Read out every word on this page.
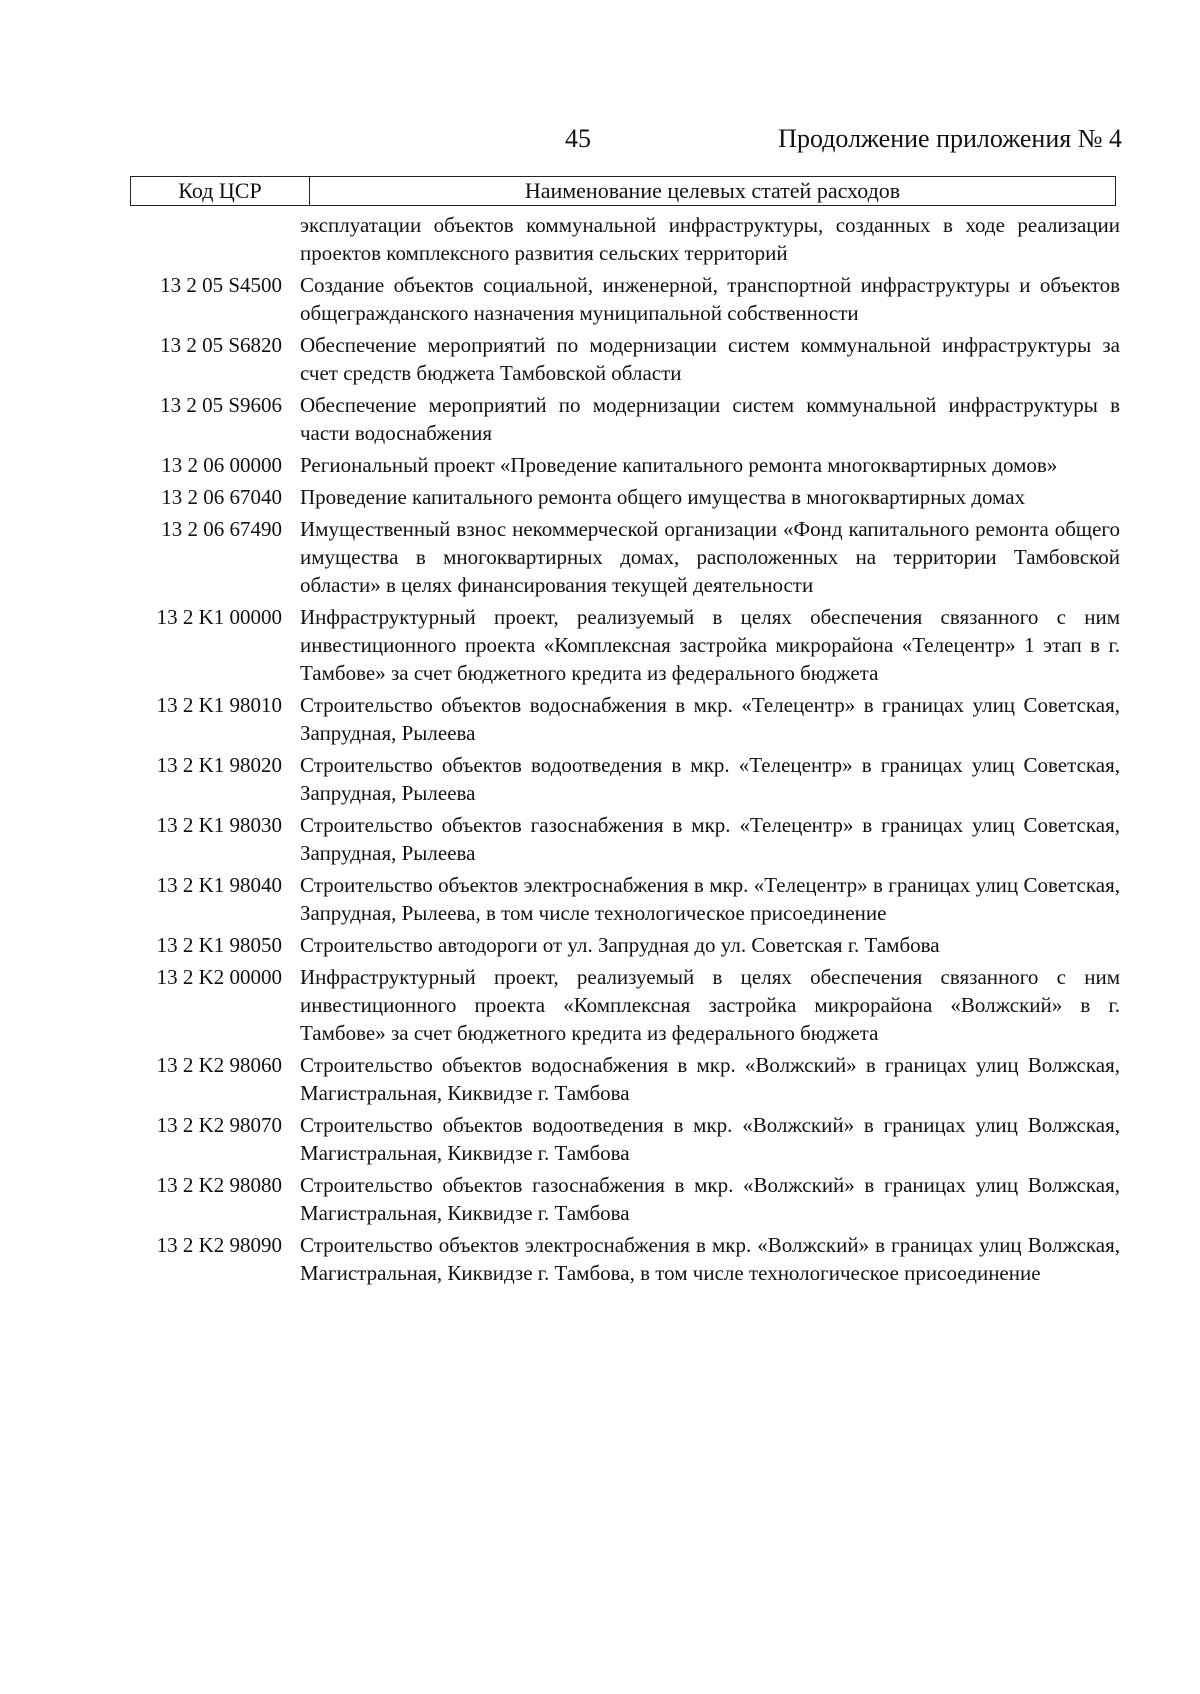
45	Продолжение приложения № 4
Код ЦСР	Наименование целевых статей расходов
эксплуатации объектов коммунальной инфраструктуры, созданных в ходе реализации проектов комплексного развития сельских территорий
13 2 05 S4500 Создание объектов социальной, инженерной, транспортной инфраструктуры и объектов общегражданского назначения муниципальной собственности
13 2 05 S6820 Обеспечение мероприятий по модернизации систем коммунальной инфраструктуры за счет средств бюджета Тамбовской области
13 2 05 S9606 Обеспечение мероприятий по модернизации систем коммунальной инфраструктуры в части водоснабжения
13 2 06 00000 Региональный проект «Проведение капитального ремонта многоквартирных домов»
13 2 06 67040 Проведение капитального ремонта общего имущества в многоквартирных домах
13 2 06 67490 Имущественный взнос некоммерческой организации «Фонд капитального ремонта общего имущества в многоквартирных домах, расположенных на территории Тамбовской области» в целях финансирования текущей деятельности
13 2 K1 00000 Инфраструктурный проект, реализуемый в целях обеспечения связанного с ним инвестиционного проекта «Комплексная застройка микрорайона «Телецентр» 1 этап в г. Тамбове» за счет бюджетного кредита из федерального бюджета
13 2 K1 98010 Строительство объектов водоснабжения в мкр. «Телецентр» в границах улиц Советская, Запрудная, Рылеева
13 2 K1 98020 Строительство объектов водоотведения в мкр. «Телецентр» в границах улиц Советская, Запрудная, Рылеева
13 2 K1 98030 Строительство объектов газоснабжения в мкр. «Телецентр» в границах улиц Советская, Запрудная, Рылеева
13 2 K1 98040 Строительство объектов электроснабжения в мкр. «Телецентр» в границах улиц Советская, Запрудная, Рылеева, в том числе технологическое присоединение
13 2 K1 98050 Строительство автодороги от ул. Запрудная до ул. Советская г. Тамбова
13 2 K2 00000 Инфраструктурный проект, реализуемый в целях обеспечения связанного с ним инвестиционного проекта «Комплексная застройка микрорайона «Волжский» в г. Тамбове» за счет бюджетного кредита из федерального бюджета
13 2 K2 98060 Строительство объектов водоснабжения в мкр. «Волжский» в границах улиц Волжская, Магистральная, Киквидзе г. Тамбова
13 2 K2 98070 Строительство объектов водоотведения в мкр. «Волжский» в границах улиц Волжская, Магистральная, Киквидзе г. Тамбова
13 2 K2 98080 Строительство объектов газоснабжения в мкр. «Волжский» в границах улиц Волжская, Магистральная, Киквидзе г. Тамбова
13 2 K2 98090 Строительство объектов электроснабжения в мкр. «Волжский» в границах улиц Волжская, Магистральная, Киквидзе г. Тамбова, в том числе технологическое присоединение
